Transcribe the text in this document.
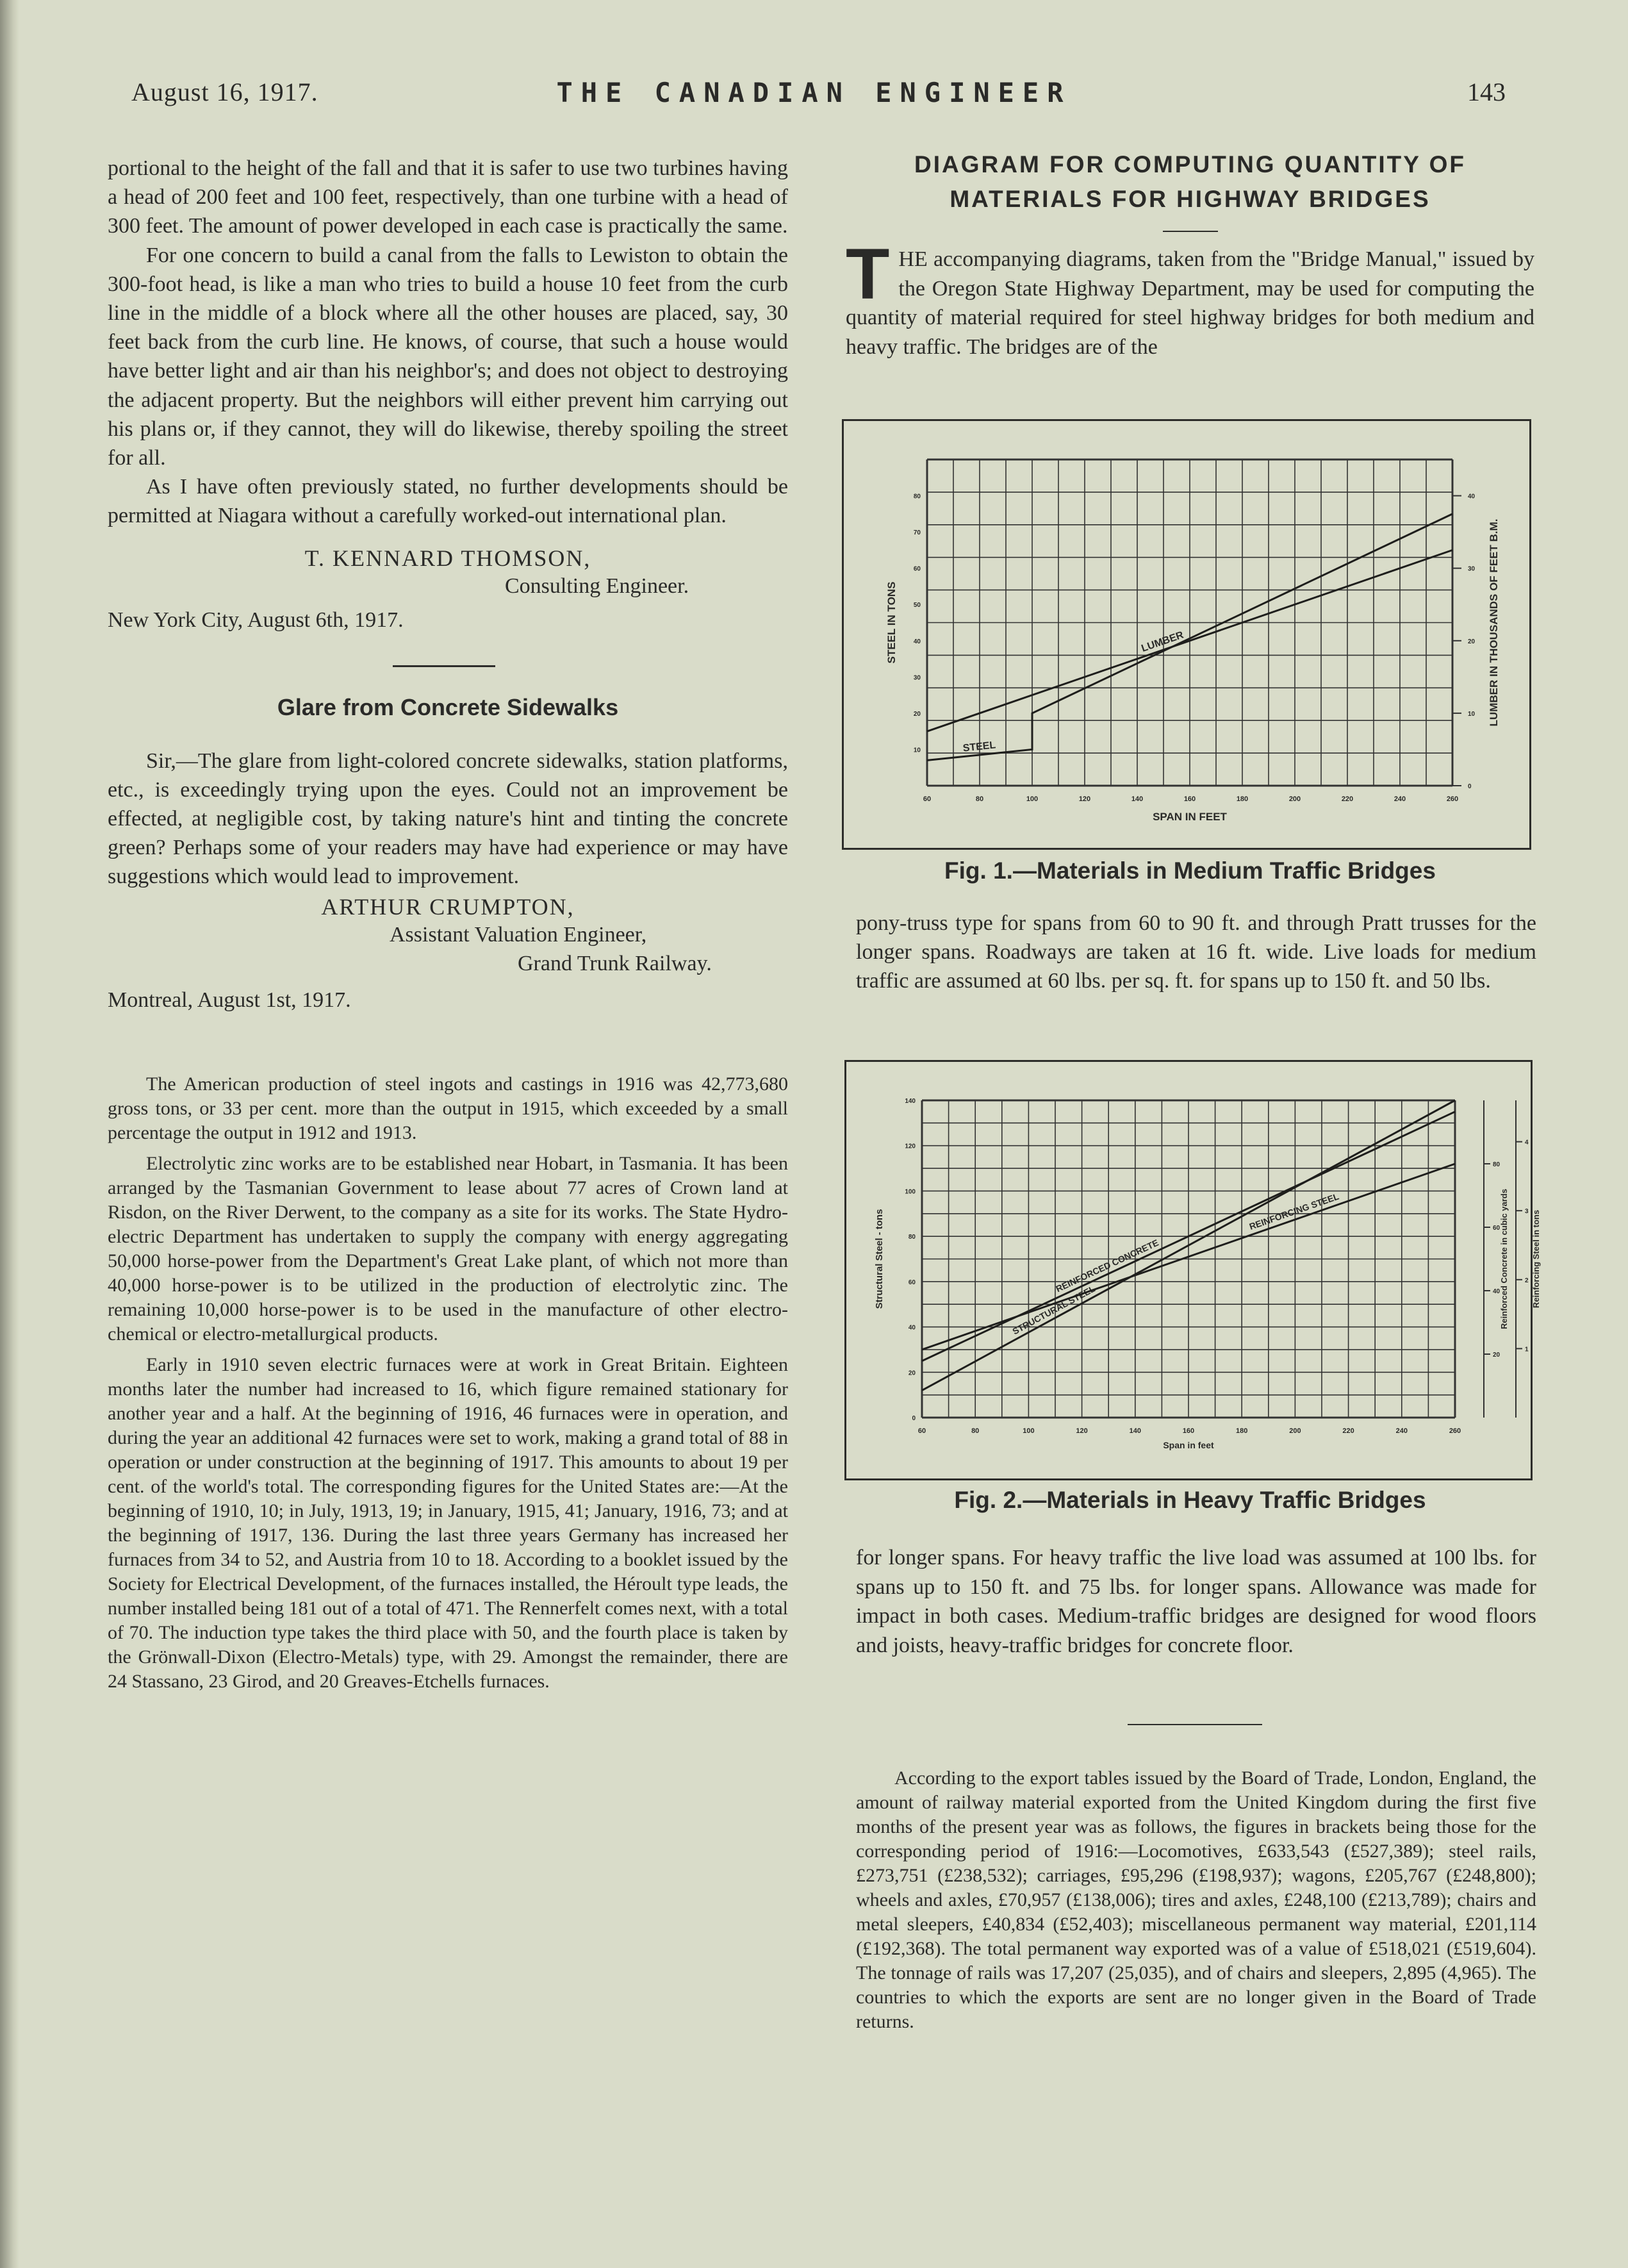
August 16, 1917.	THE CANADIAN ENGINEER	143

portional to the height of the fall and that it is safer to use two turbines having a head of 200 feet and 100 feet, respectively, than one turbine with a head of 300 feet. The amount of power developed in each case is practically the same.

For one concern to build a canal from the falls to Lewiston to obtain the 300-foot head, is like a man who tries to build a house 10 feet from the curb line in the middle of a block where all the other houses are placed, say, 30 feet back from the curb line. He knows, of course, that such a house would have better light and air than his neighbor's; and does not object to destroying the adjacent property. But the neighbors will either prevent him carrying out his plans or, if they cannot, they will do likewise, thereby spoiling the street for all.

As I have often previously stated, no further developments should be permitted at Niagara without a carefully worked-out international plan.

T. KENNARD THOMSON,
Consulting Engineer.
New York City, August 6th, 1917.
Glare from Concrete Sidewalks

Sir,—The glare from light-colored concrete sidewalks, station platforms, etc., is exceedingly trying upon the eyes. Could not an improvement be effected, at negligible cost, by taking nature's hint and tinting the concrete green? Perhaps some of your readers may have had experience or may have suggestions which would lead to improvement.

ARTHUR CRUMPTON,
Assistant Valuation Engineer,
Grand Trunk Railway.
Montreal, August 1st, 1917.

The American production of steel ingots and castings in 1916 was 42,773,680 gross tons, or 33 per cent. more than the output in 1915, which exceeded by a small percentage the output in 1912 and 1913.

Electrolytic zinc works are to be established near Hobart, in Tasmania. It has been arranged by the Tasmanian Government to lease about 77 acres of Crown land at Risdon, on the River Derwent, to the company as a site for its works. The State Hydro-electric Department has undertaken to supply the company with energy aggregating 50,000 horse-power from the Department's Great Lake plant, of which not more than 40,000 horse-power is to be utilized in the production of electrolytic zinc. The remaining 10,000 horse-power is to be used in the manufacture of other electro-chemical or electro-metallurgical products.

Early in 1910 seven electric furnaces were at work in Great Britain. Eighteen months later the number had increased to 16, which figure remained stationary for another year and a half. At the beginning of 1916, 46 furnaces were in operation, and during the year an additional 42 furnaces were set to work, making a grand total of 88 in operation or under construction at the beginning of 1917. This amounts to about 19 per cent. of the world's total. The corresponding figures for the United States are:—At the beginning of 1910, 10; in July, 1913, 19; in January, 1915, 41; January, 1916, 73; and at the beginning of 1917, 136. During the last three years Germany has increased her furnaces from 34 to 52, and Austria from 10 to 18. According to a booklet issued by the Society for Electrical Development, of the furnaces installed, the Héroult type leads, the number installed being 181 out of a total of 471. The Rennerfelt comes next, with a total of 70. The induction type takes the third place with 50, and the fourth place is taken by the Grönwall-Dixon (Electro-Metals) type, with 29. Amongst the remainder, there are 24 Stassano, 23 Girod, and 20 Greaves-Etchells furnaces.

DIAGRAM FOR COMPUTING QUANTITY OF
MATERIALS FOR HIGHWAY BRIDGES

THE accompanying diagrams, taken from the "Bridge Manual," issued by the Oregon State Highway Department, may be used for computing the quantity of material required for steel highway bridges for both medium and heavy traffic. The bridges are of the

60	80	100	120	140	160	180	200	220	240	260
10
20
30
40
50
60
70
80
SPAN IN FEET
STEEL IN TONS
STEEL
LUMBER
0
10
20
30
40
LUMBER IN THOUSANDS OF FEET B.M.
Fig. 1.—Materials in Medium Traffic Bridges

pony-truss type for spans from 60 to 90 ft. and through Pratt trusses for the longer spans. Roadways are taken at 16 ft. wide. Live loads for medium traffic are assumed at 60 lbs. per sq. ft. for spans up to 150 ft. and 50 lbs.

60	80	100	120	140	160	180	200	220	240	260
0
20
40
60
80
100
120
140
Span in feet
Structural Steel - tons
STRUCTURAL STEEL
REINFORCED CONCRETE
REINFORCING STEEL
20
40
60
80
1
2
3
4
Reinforced Concrete in cubic yards	Reinforcing Steel in tons
Fig. 2.—Materials in Heavy Traffic Bridges

for longer spans. For heavy traffic the live load was assumed at 100 lbs. for spans up to 150 ft. and 75 lbs. for longer spans. Allowance was made for impact in both cases. Medium-traffic bridges are designed for wood floors and joists, heavy-traffic bridges for concrete floor.

According to the export tables issued by the Board of Trade, London, England, the amount of railway material exported from the United Kingdom during the first five months of the present year was as follows, the figures in brackets being those for the corresponding period of 1916:—Locomotives, £633,543 (£527,389); steel rails, £273,751 (£238,532); carriages, £95,296 (£198,937); wagons, £205,767 (£248,800); wheels and axles, £70,957 (£138,006); tires and axles, £248,100 (£213,789); chairs and metal sleepers, £40,834 (£52,403); miscellaneous permanent way material, £201,114 (£192,368). The total permanent way exported was of a value of £518,021 (£519,604). The tonnage of rails was 17,207 (25,035), and of chairs and sleepers, 2,895 (4,965). The countries to which the exports are sent are no longer given in the Board of Trade returns.
